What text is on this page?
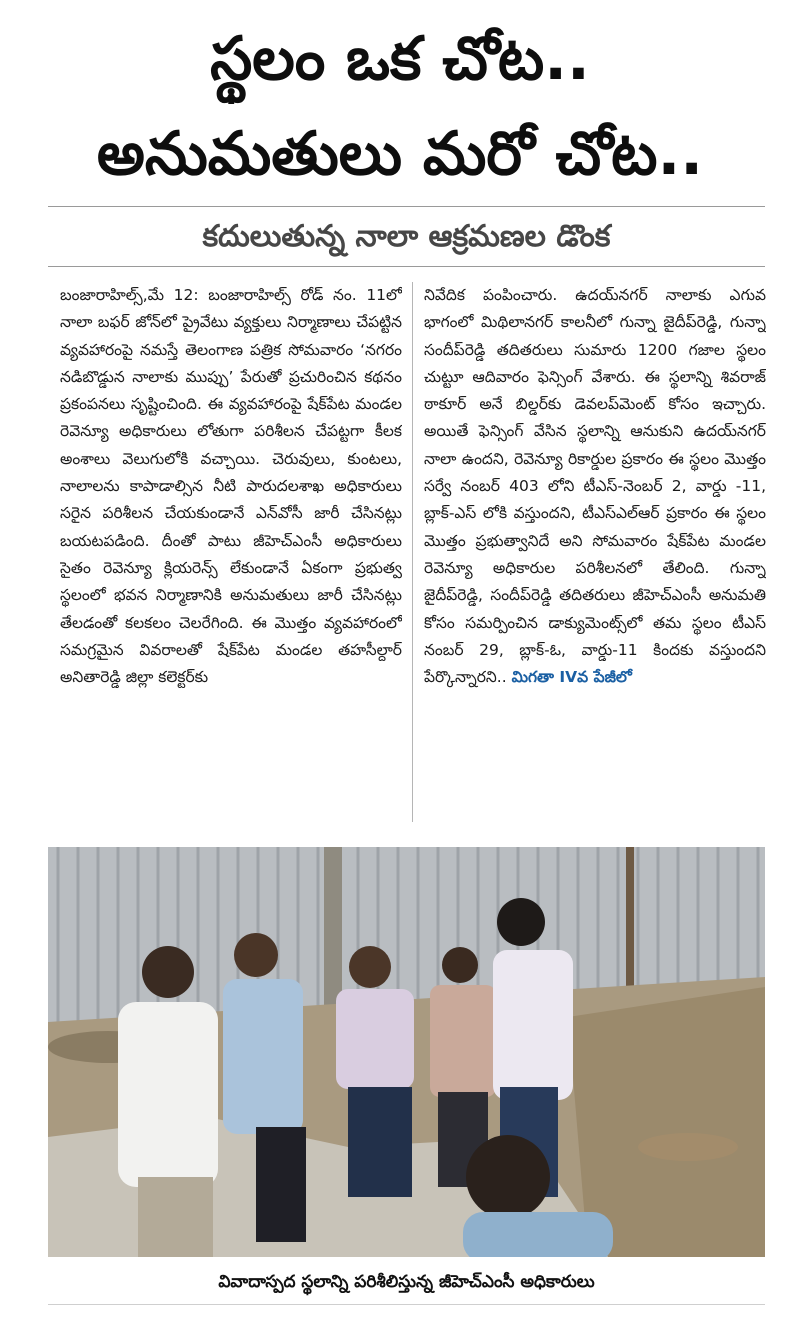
స్థలం ఒక చోట..
అనుమతులు మరో చోట..
కదులుతున్న నాలా ఆక్రమణల డొంక
బంజారాహిల్స్,మే 12: బంజారాహిల్స్ రోడ్ నం. 11లో నాలా బఫర్ జోన్‌లో ప్రైవేటు వ్యక్తులు నిర్మాణాలు చేపట్టిన వ్యవహారంపై నమస్తే తెలంగాణ పత్రిక సోమవారం ‘నగరం నడిబొడ్డున నాలాకు ముప్పు’ పేరుతో ప్రచురించిన కథనం ప్రకంపనలు సృష్టించింది. ఈ వ్యవహారంపై షేక్‌పేట మండల రెవెన్యూ అధికారులు లోతుగా పరిశీలన చేపట్టగా కీలక అంశాలు వెలుగులోకి వచ్చాయి. చెరువులు, కుంటలు, నాలాలను కాపాడాల్సిన నీటి పారుదలశాఖ అధికారులు సరైన పరిశీలన చేయకుండానే ఎన్‌వోసీ జారీ చేసినట్లు బయటపడింది. దీంతో పాటు జీహెచ్‌ఎంసీ అధికారులు సైతం రెవెన్యూ క్లియరెన్స్ లేకుండానే ఏకంగా ప్రభుత్వ స్థలంలో భవన నిర్మాణానికి అనుమతులు జారీ చేసినట్లు తేలడంతో కలకలం చెలరేగింది. ఈ మొత్తం వ్యవహారంలో సమగ్రమైన వివరాలతో షేక్‌పేట మండల తహసీల్దార్ అనితారెడ్డి జిల్లా కలెక్టర్‌కు
నివేదిక పంపించారు. ఉదయ్‌నగర్ నాలాకు ఎగువ భాగంలో మిథిలానగర్ కాలనీలో గున్నా జైదీప్‌రెడ్డి, గున్నా సందీప్‌రెడ్డి తదితరులు సుమారు 1200 గజాల స్థలం చుట్టూ ఆదివారం ఫెన్సింగ్ వేశారు. ఈ స్థలాన్ని శివరాజ్ ఠాకూర్ అనే బిల్డర్‌కు డెవలప్‌మెంట్ కోసం ఇచ్చారు. అయితే ఫెన్సింగ్ వేసిన స్థలాన్ని ఆనుకుని ఉదయ్‌నగర్ నాలా ఉందని, రెవెన్యూ రికార్డుల ప్రకారం ఈ స్థలం మొత్తం సర్వే నంబర్ 403 లోని టీఎస్-నెంబర్ 2, వార్డు -11, బ్లాక్-ఎస్ లోకి వస్తుందని, టీఎస్‌ఎల్‌ఆర్ ప్రకారం ఈ స్థలం మొత్తం ప్రభుత్వానిదే అని సోమవారం షేక్‌పేట మండల రెవెన్యూ అధికారుల పరిశీలనలో తేలింది. గున్నా జైదీప్‌రెడ్డి, సందీప్‌రెడ్డి తదితరులు జీహెచ్‌ఎంసీ అనుమతి కోసం సమర్పించిన డాక్యుమెంట్స్‌లో తమ స్థలం టీఎస్ నంబర్ 29, బ్లాక్-ఓ, వార్డు-11 కిందకు వస్తుందని పేర్కొన్నారని.. మిగతా IVవ పేజీలో
వివాదాస్పద స్థలాన్ని పరిశీలిస్తున్న జీహెచ్‌ఎంసీ అధికారులు
